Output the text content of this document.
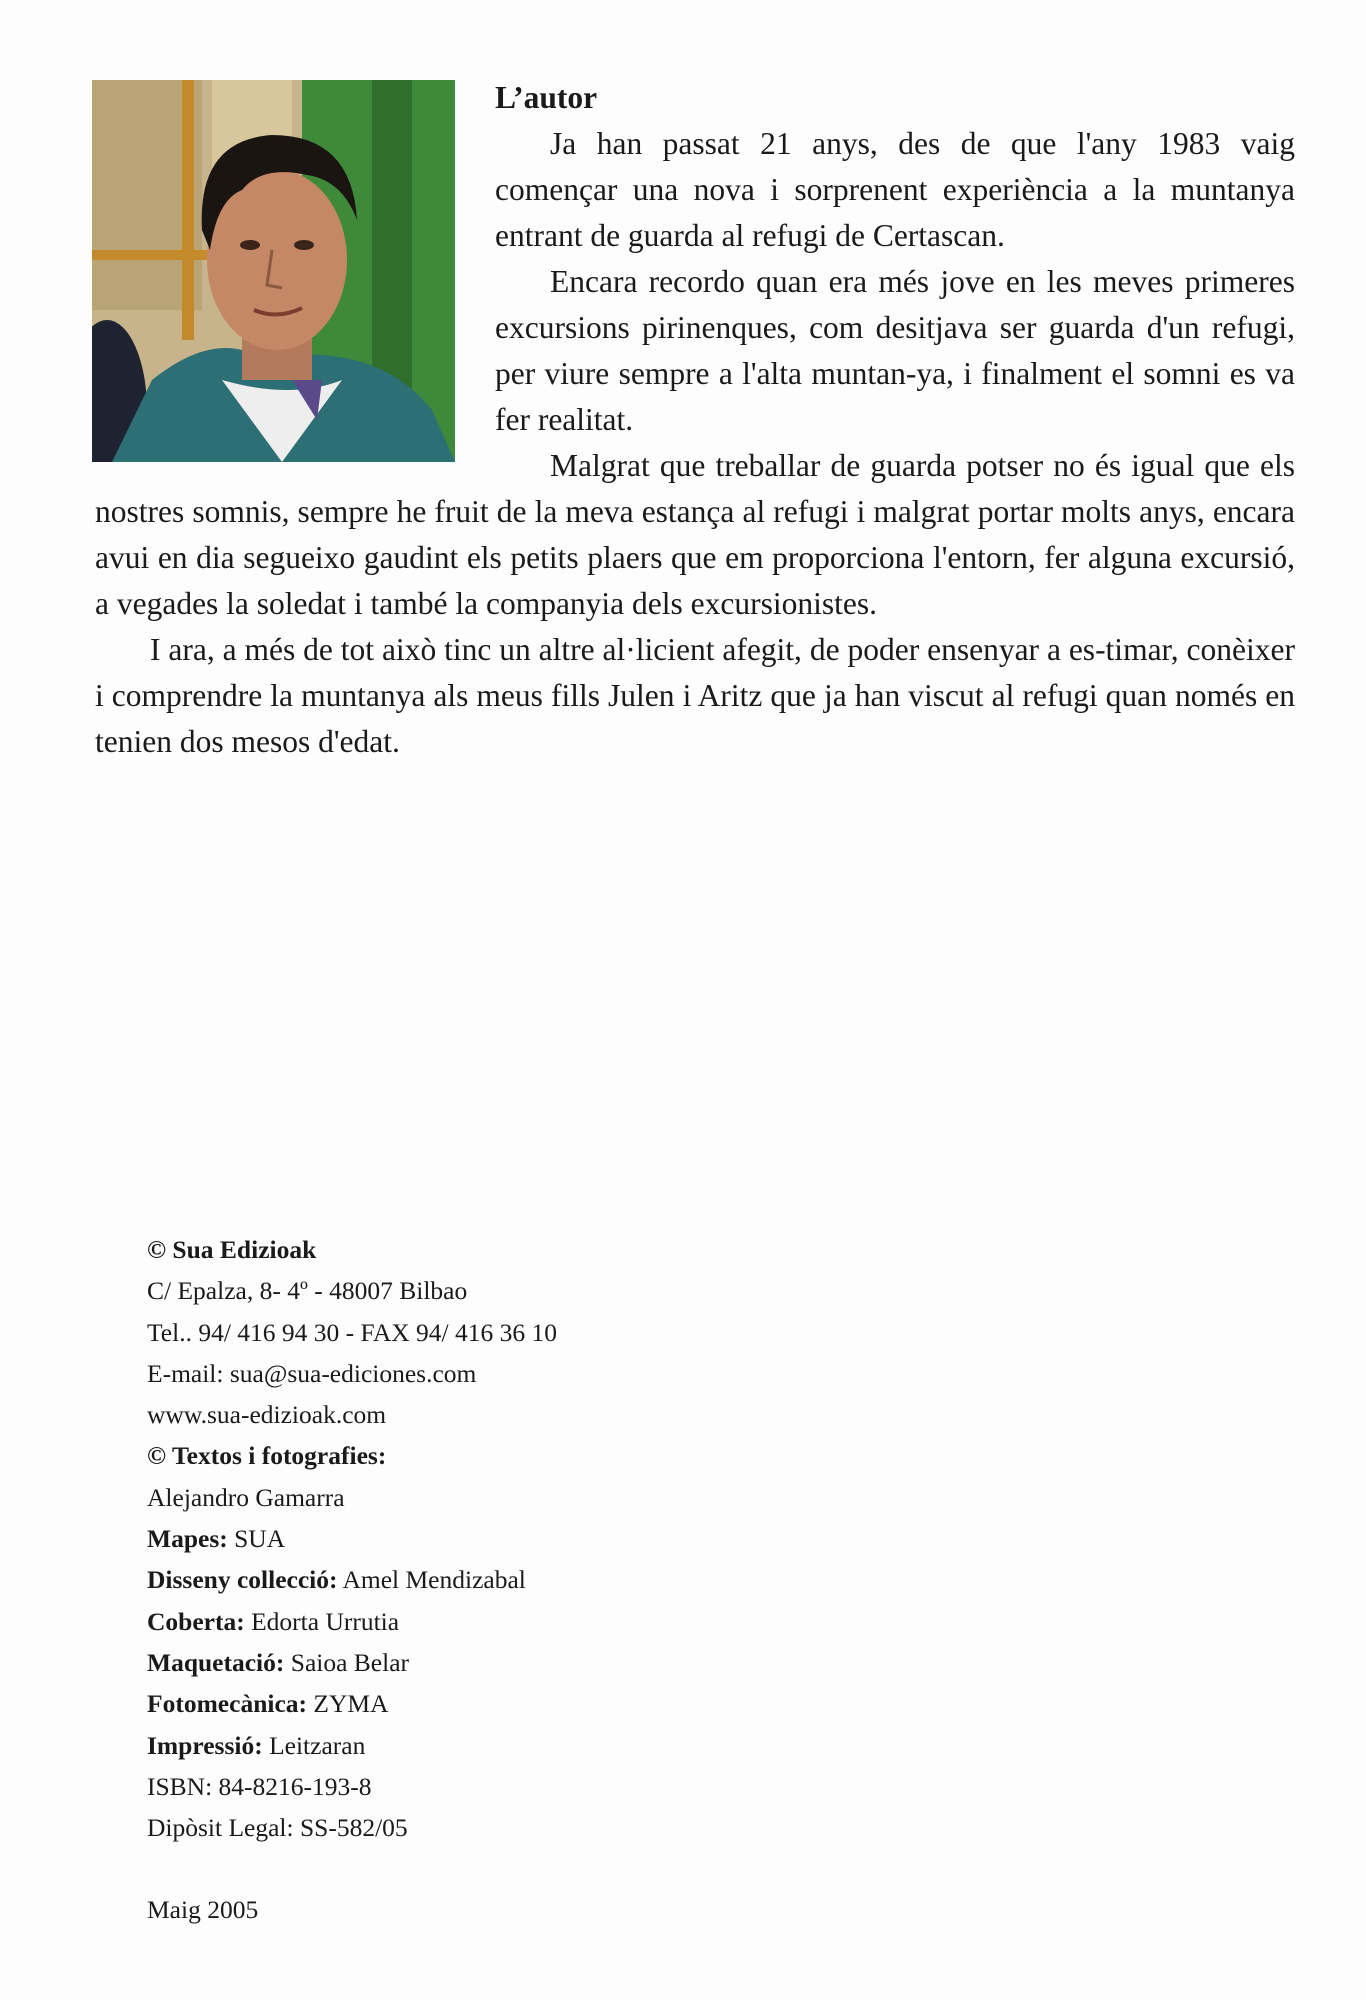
L’autor

Ja han passat 21 anys, des de que l'any 1983 vaig començar una nova i sorprenent experiència a la muntanya entrant de guarda al refugi de Certascan.

Encara recordo quan era més jove en les meves primeres excursions pirinenques, com desitjava ser guarda d'un refugi, per viure sempre a l'alta muntan-ya, i finalment el somni es va fer realitat.

Malgrat que treballar de guarda potser no és igual que els nostres somnis, sempre he fruit de la meva estança al refugi i malgrat portar molts anys, encara avui en dia segueixo gaudint els petits plaers que em proporciona l'entorn, fer alguna excursió, a vegades la soledat i també la companyia dels excursionistes.

I ara, a més de tot això tinc un altre al·licient afegit, de poder ensenyar a es-timar, conèixer i comprendre la muntanya als meus fills Julen i Aritz que ja han viscut al refugi quan només en tenien dos mesos d'edat.

© Sua Edizioak
C/ Epalza, 8- 4º - 48007 Bilbao
Tel.. 94/ 416 94 30 - FAX 94/ 416 36 10
E-mail: sua@sua-ediciones.com
www.sua-edizioak.com
© Textos i fotografies:
Alejandro Gamarra
Mapes: SUA
Disseny collecció: Amel Mendizabal
Coberta: Edorta Urrutia
Maquetació: Saioa Belar
Fotomecànica: ZYMA
Impressió: Leitzaran
ISBN: 84-8216-193-8
Dipòsit Legal: SS-582/05
Maig 2005
